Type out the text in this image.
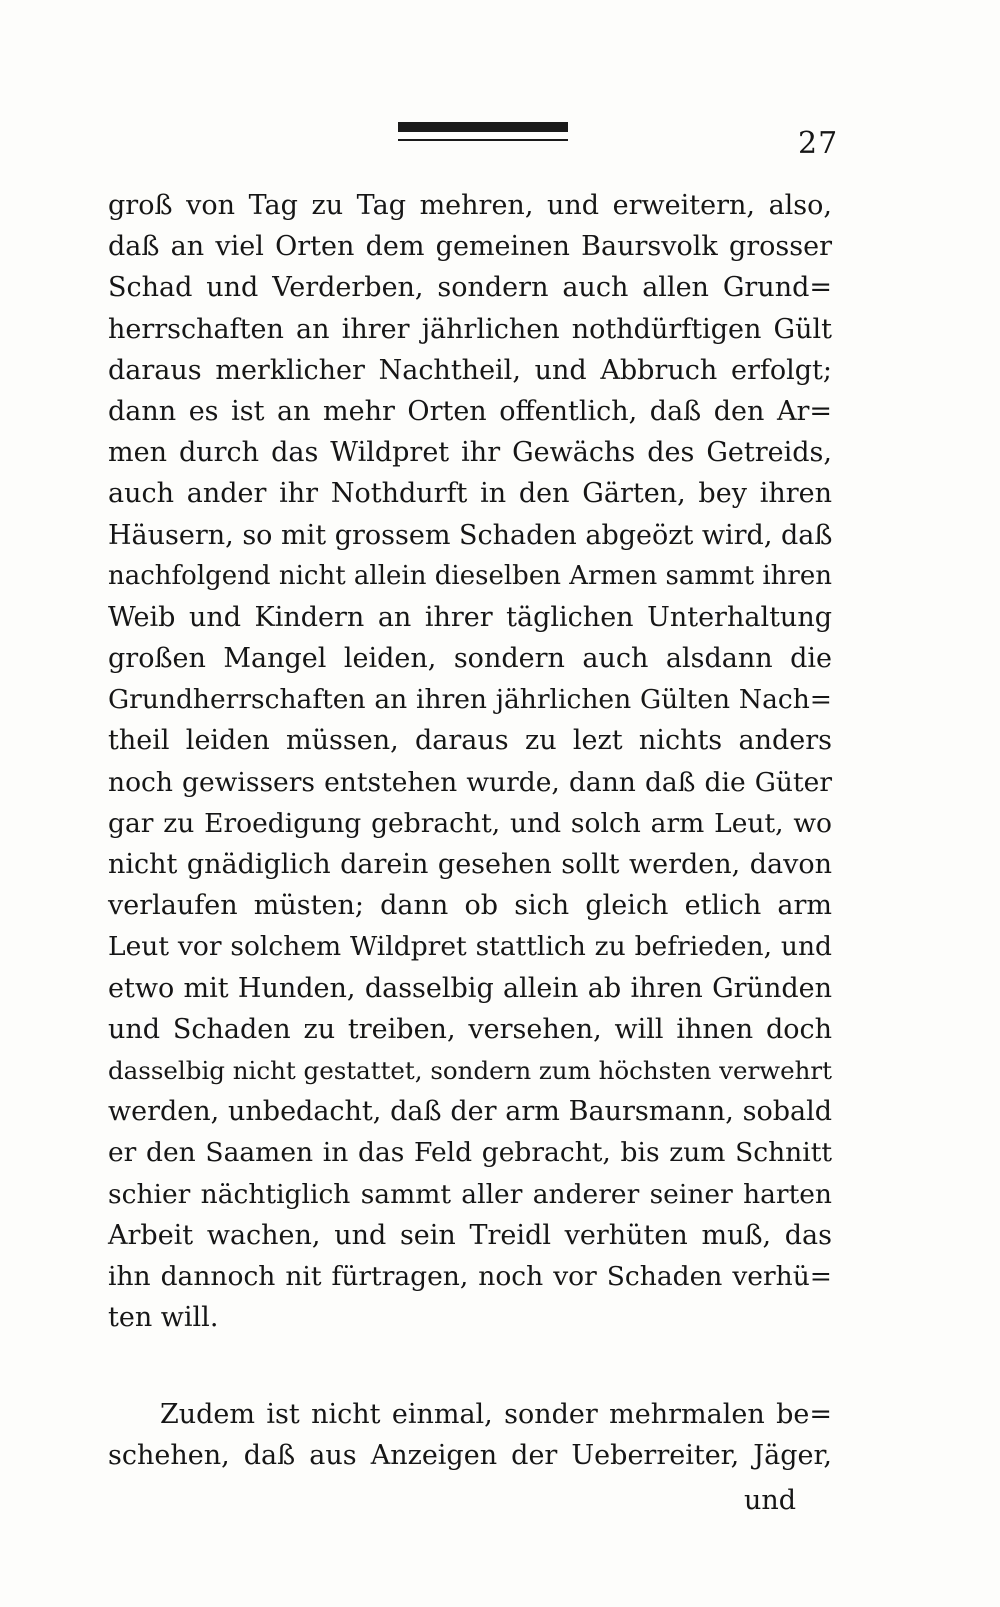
27
groß von Tag zu Tag mehren, und erweitern, also,
daß an viel Orten dem gemeinen Baursvolk grosser
Schad und Verderben, sondern auch allen Grund=
herrschaften an ihrer jährlichen nothdürftigen Gült
daraus merklicher Nachtheil, und Abbruch erfolgt;
dann es ist an mehr Orten offentlich, daß den Ar=
men durch das Wildpret ihr Gewächs des Getreids,
auch ander ihr Nothdurft in den Gärten, bey ihren
Häusern, so mit grossem Schaden abgeözt wird, daß
nachfolgend nicht allein dieselben Armen sammt ihren
Weib und Kindern an ihrer täglichen Unterhaltung
großen Mangel leiden, sondern auch alsdann die
Grundherrschaften an ihren jährlichen Gülten Nach=
theil leiden müssen, daraus zu lezt nichts anders
noch gewissers entstehen wurde, dann daß die Güter
gar zu Eroedigung gebracht, und solch arm Leut, wo
nicht gnädiglich darein gesehen sollt werden, davon
verlaufen müsten; dann ob sich gleich etlich arm
Leut vor solchem Wildpret stattlich zu befrieden, und
etwo mit Hunden, dasselbig allein ab ihren Gründen
und Schaden zu treiben, versehen, will ihnen doch
dasselbig nicht gestattet, sondern zum höchsten verwehrt
werden, unbedacht, daß der arm Baursmann, sobald
er den Saamen in das Feld gebracht, bis zum Schnitt
schier nächtiglich sammt aller anderer seiner harten
Arbeit wachen, und sein Treidl verhüten muß, das
ihn dannoch nit fürtragen, noch vor Schaden verhü=
ten will.
Zudem ist nicht einmal, sonder mehrmalen be=
schehen, daß aus Anzeigen der Ueberreiter, Jäger,
und
